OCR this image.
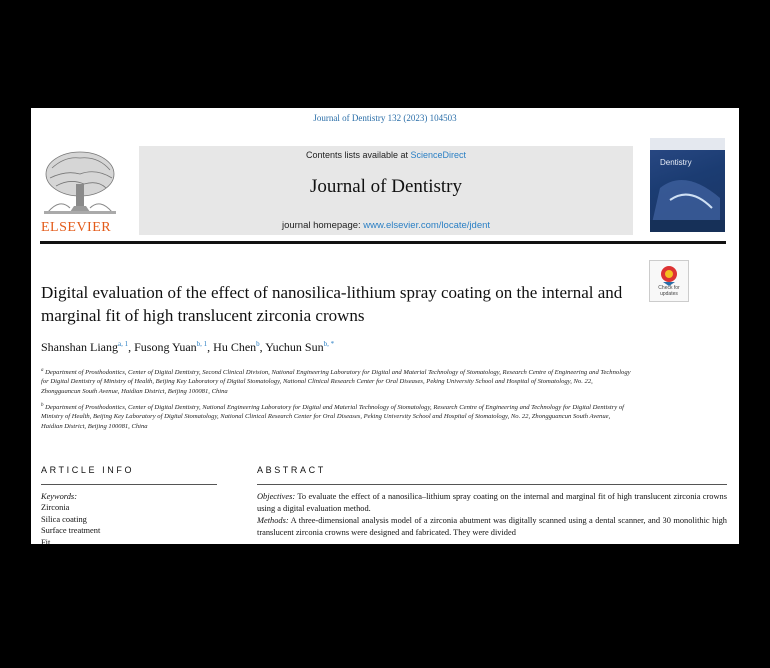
Journal of Dentistry 132 (2023) 104503
ELSEVIER
Contents lists available at ScienceDirect
Journal of Dentistry
journal homepage: www.elsevier.com/locate/jdent
Dentistry
Check for updates
Digital evaluation of the effect of nanosilica-lithium spray coating on the internal and marginal fit of high translucent zirconia crowns
Shanshan Liang$^{a, 1}$, Fusong Yuan$^{b, 1}$, Hu Chen$^b$, Yuchun Sun$^{b, *}$
$^a$ Department of Prosthodontics, Center of Digital Dentistry, Second Clinical Division, National Engineering Laboratory for Digital and Material Technology of Stomatology, Research Centre of Engineering and Technology for Digital Dentistry of Ministry of Health, Beijing Key Laboratory of Digital Stomatology, National Clinical Research Center for Oral Diseases, Peking University School and Hospital of Stomatology, No. 22, Zhongguancun South Avenue, Haidian District, Beijing 100081, China
$^b$ Department of Prosthodontics, Center of Digital Dentistry, National Engineering Laboratory for Digital and Material Technology of Stomatology, Research Centre of Engineering and Technology for Digital Dentistry of Ministry of Health, Beijing Key Laboratory of Digital Stomatology, National Clinical Research Center for Oral Diseases, Peking University School and Hospital of Stomatology, No. 22, Zhongguancun South Avenue, Haidian District, Beijing 100081, China
ARTICLE INFO	ABSTRACT
Keywords:
Zirconia
Silica coating
Surface treatment
Fit

Objectives: To evaluate the effect of a nanosilica–lithium spray coating on the internal and marginal fit of high translucent zirconia crowns using a digital evaluation method.

Methods: A three-dimensional analysis model of a zirconia abutment was digitally scanned using a dental scanner, and 30 monolithic high translucent zirconia crowns were designed and fabricated. They were divided
